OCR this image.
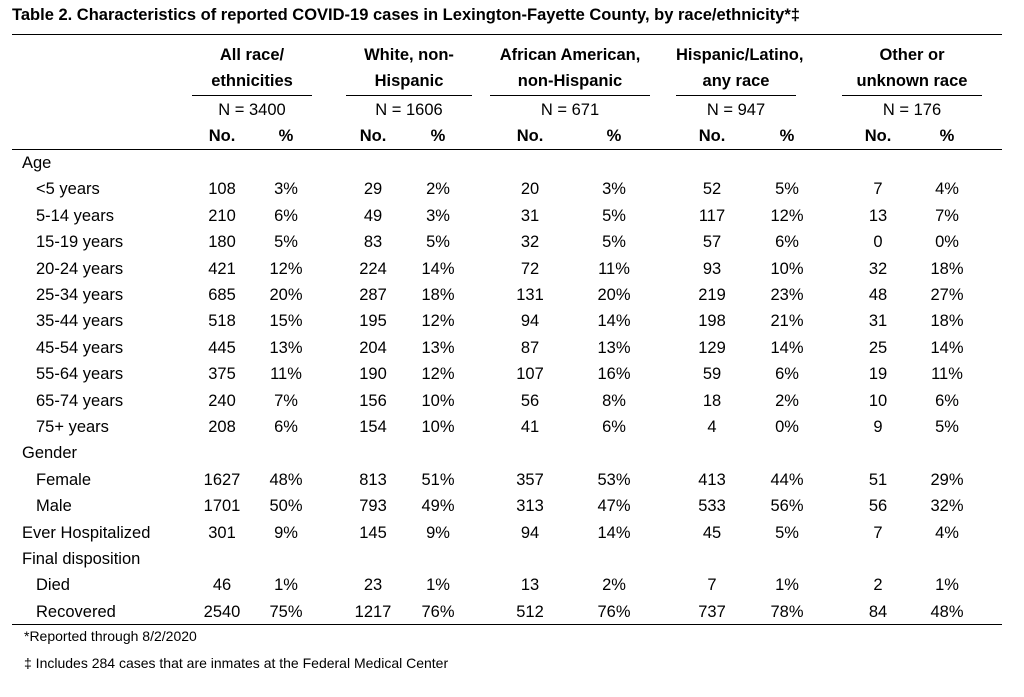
Table 2. Characteristics of reported COVID-19 cases in Lexington-Fayette County, by race/ethnicity*‡
All race/
ethnicities
N = 3400
No.	%
White, non-
Hispanic
N = 1606
No.	%
African American,
non-Hispanic
N = 671
No.	%
Hispanic/Latino,
any race
N = 947
No.	%
Other or
unknown race
N = 176
No.	%
Age
<5 years	108	3%	29	2%	20	3%	52	5%	7	4%
5-14 years	210	6%	49	3%	31	5%	117	12%	13	7%
15-19 years	180	5%	83	5%	32	5%	57	6%	0	0%
20-24 years	421	12%	224	14%	72	11%	93	10%	32	18%
25-34 years	685	20%	287	18%	131	20%	219	23%	48	27%
35-44 years	518	15%	195	12%	94	14%	198	21%	31	18%
45-54 years	445	13%	204	13%	87	13%	129	14%	25	14%
55-64 years	375	11%	190	12%	107	16%	59	6%	19	11%
65-74 years	240	7%	156	10%	56	8%	18	2%	10	6%
75+ years	208	6%	154	10%	41	6%	4	0%	9	5%
Gender
Female	1627	48%	813	51%	357	53%	413	44%	51	29%
Male	1701	50%	793	49%	313	47%	533	56%	56	32%
Ever Hospitalized	301	9%	145	9%	94	14%	45	5%	7	4%
Final disposition
Died	46	1%	23	1%	13	2%	7	1%	2	1%
Recovered	2540	75%	1217	76%	512	76%	737	78%	84	48%
*Reported through 8/2/2020
‡ Includes 284 cases that are inmates at the Federal Medical Center
